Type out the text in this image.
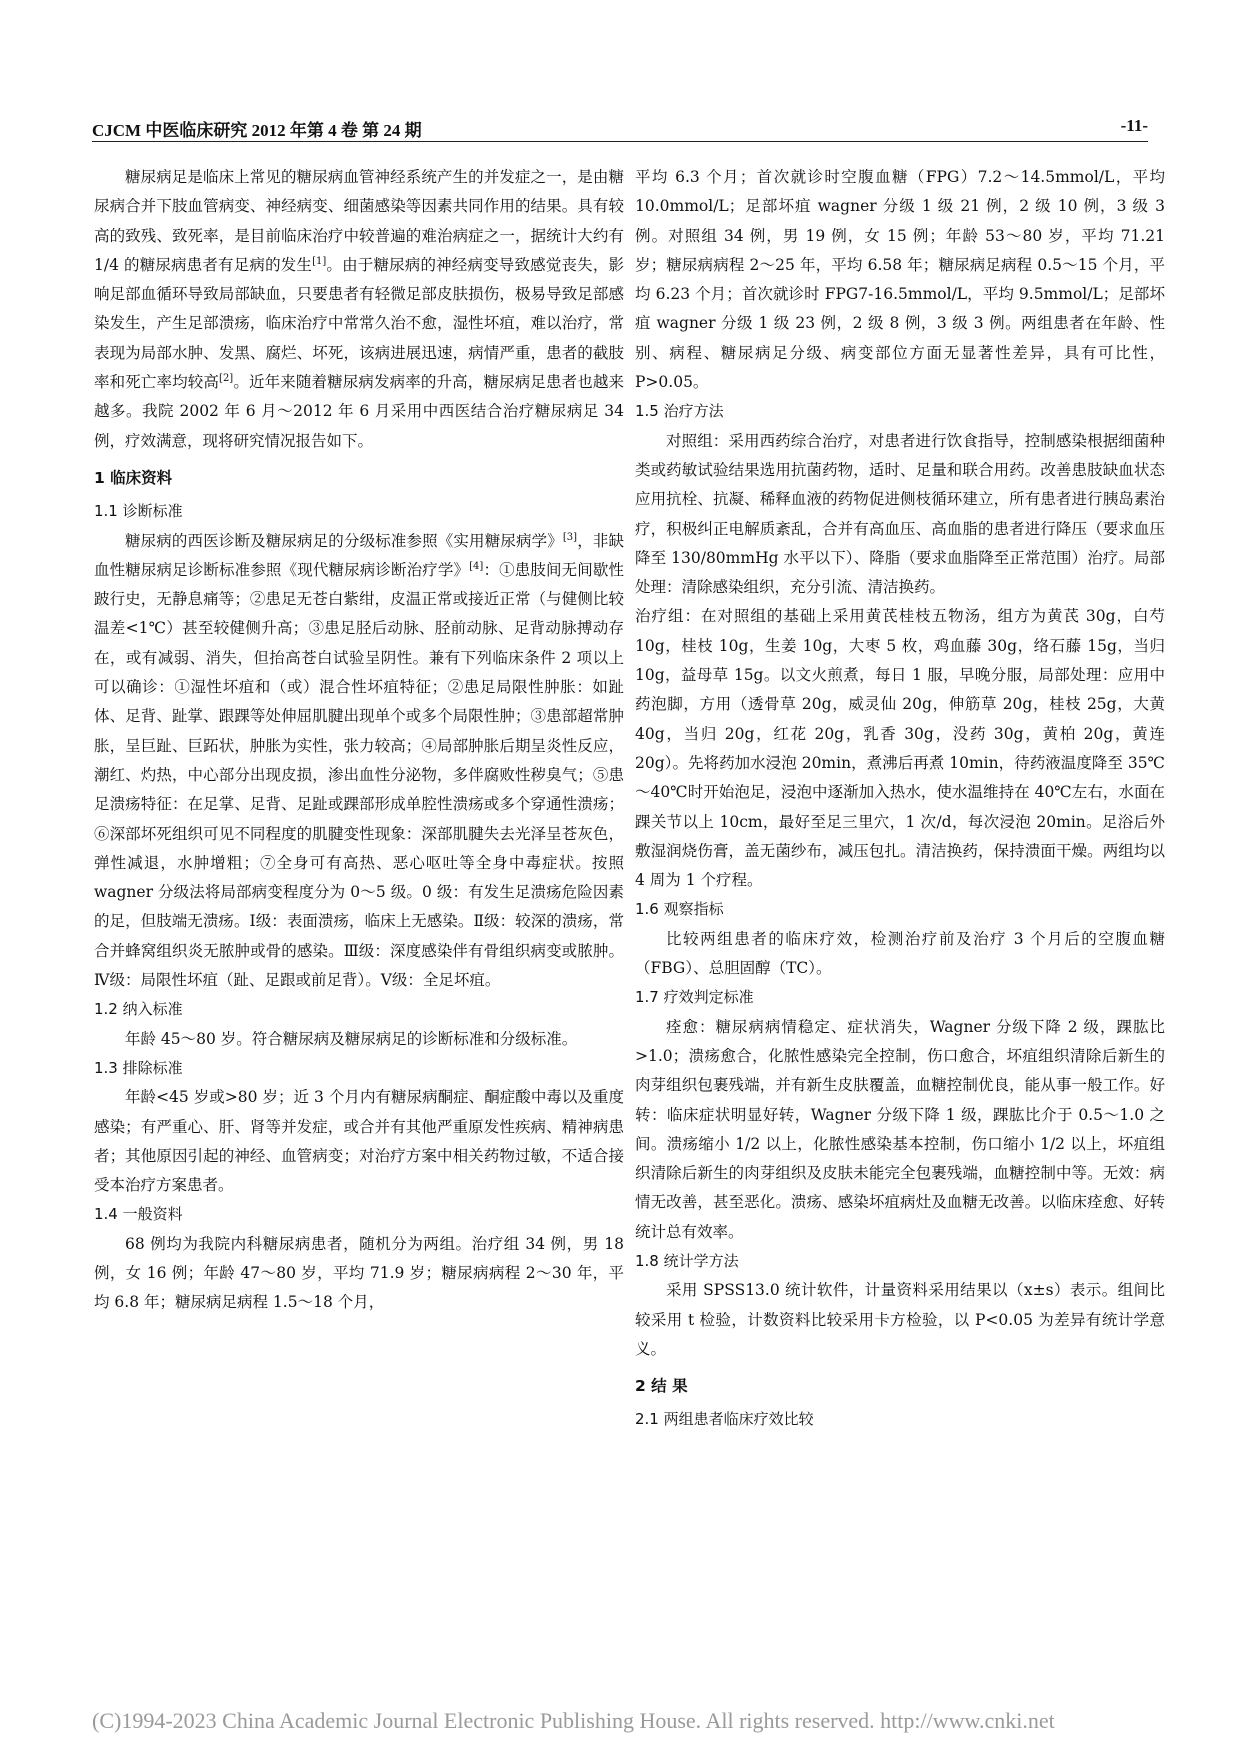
CJCM 中医临床研究 2012 年第 4 卷 第 24 期	-11-

糖尿病足是临床上常见的糖尿病血管神经系统产生的并发症之一，是由糖尿病合并下肢血管病变、神经病变、细菌感染等因素共同作用的结果。具有较高的致残、致死率，是目前临床治疗中较普遍的难治病症之一，据统计大约有 1/4 的糖尿病患者有足病的发生[1]。由于糖尿病的神经病变导致感觉丧失，影响足部血循环导致局部缺血，只要患者有轻微足部皮肤损伤，极易导致足部感染发生，产生足部溃疡，临床治疗中常常久治不愈，湿性坏疽，难以治疗，常表现为局部水肿、发黑、腐烂、坏死，该病进展迅速，病情严重，患者的截肢率和死亡率均较高[2]。近年来随着糖尿病发病率的升高，糖尿病足患者也越来越多。我院 2002 年 6 月～2012 年 6 月采用中西医结合治疗糖尿病足 34 例，疗效满意，现将研究情况报告如下。

1 临床资料

1.1 诊断标准

糖尿病的西医诊断及糖尿病足的分级标准参照《实用糖尿病学》[3]，非缺血性糖尿病足诊断标准参照《现代糖尿病诊断治疗学》[4]：①患肢间无间歇性跛行史，无静息痛等；②患足无苍白紫绀，皮温正常或接近正常（与健侧比较温差<1℃）甚至较健侧升高；③患足胫后动脉、胫前动脉、足背动脉搏动存在，或有减弱、消失，但抬高苍白试验呈阴性。兼有下列临床条件 2 项以上可以确诊：①湿性坏疽和（或）混合性坏疽特征；②患足局限性肿胀：如趾体、足背、趾掌、跟踝等处伸屈肌腱出现单个或多个局限性肿；③患部超常肿胀，呈巨趾、巨跖状，肿胀为实性，张力较高；④局部肿胀后期呈炎性反应，潮红、灼热，中心部分出现皮损，渗出血性分泌物，多伴腐败性秽臭气；⑤患足溃疡特征：在足掌、足背、足趾或踝部形成单腔性溃疡或多个穿通性溃疡；⑥深部坏死组织可见不同程度的肌腱变性现象：深部肌腱失去光泽呈苍灰色，弹性减退，水肿增粗；⑦全身可有高热、恶心呕吐等全身中毒症状。按照 wagner 分级法将局部病变程度分为 0～5 级。0 级：有发生足溃疡危险因素的足，但肢端无溃疡。Ⅰ级：表面溃疡，临床上无感染。Ⅱ级：较深的溃疡，常合并蜂窝组织炎无脓肿或骨的感染。Ⅲ级：深度感染伴有骨组织病变或脓肿。Ⅳ级：局限性坏疽（趾、足跟或前足背）。Ⅴ级：全足坏疽。

1.2 纳入标准

年龄 45～80 岁。符合糖尿病及糖尿病足的诊断标准和分级标准。

1.3 排除标准

年龄<45 岁或>80 岁；近 3 个月内有糖尿病酮症、酮症酸中毒以及重度感染；有严重心、肝、肾等并发症，或合并有其他严重原发性疾病、精神病患者；其他原因引起的神经、血管病变；对治疗方案中相关药物过敏，不适合接受本治疗方案患者。

1.4 一般资料

68 例均为我院内科糖尿病患者，随机分为两组。治疗组 34 例，男 18 例，女 16 例；年龄 47～80 岁，平均 71.9 岁；糖尿病病程 2～30 年，平均 6.8 年；糖尿病足病程 1.5～18 个月，

平均 6.3 个月；首次就诊时空腹血糖（FPG）7.2～14.5mmol/L，平均 10.0mmol/L；足部坏疽 wagner 分级 1 级 21 例，2 级 10 例，3 级 3 例。对照组 34 例，男 19 例，女 15 例；年龄 53～80 岁，平均 71.21 岁；糖尿病病程 2～25 年，平均 6.58 年；糖尿病足病程 0.5～15 个月，平均 6.23 个月；首次就诊时 FPG7-16.5mmol/L，平均 9.5mmol/L；足部坏疽 wagner 分级 1 级 23 例，2 级 8 例，3 级 3 例。两组患者在年龄、性别、病程、糖尿病足分级、病变部位方面无显著性差异，具有可比性，P>0.05。

1.5 治疗方法

对照组：采用西药综合治疗，对患者进行饮食指导，控制感染根据细菌种类或药敏试验结果选用抗菌药物，适时、足量和联合用药。改善患肢缺血状态应用抗栓、抗凝、稀释血液的药物促进侧枝循环建立，所有患者进行胰岛素治疗，积极纠正电解质紊乱，合并有高血压、高血脂的患者进行降压（要求血压降至 130/80mmHg 水平以下）、降脂（要求血脂降至正常范围）治疗。局部处理：清除感染组织，充分引流、清洁换药。

治疗组：在对照组的基础上采用黄芪桂枝五物汤，组方为黄芪 30g，白芍 10g，桂枝 10g，生姜 10g，大枣 5 枚，鸡血藤 30g，络石藤 15g，当归 10g，益母草 15g。以文火煎煮，每日 1 服，早晚分服，局部处理：应用中药泡脚，方用（透骨草 20g，威灵仙 20g，伸筋草 20g，桂枝 25g，大黄 40g，当归 20g，红花 20g，乳香 30g，没药 30g，黄柏 20g，黄连 20g）。先将药加水浸泡 20min，煮沸后再煮 10min，待药液温度降至 35℃～40℃时开始泡足，浸泡中逐渐加入热水，使水温维持在 40℃左右，水面在踝关节以上 10cm，最好至足三里穴，1 次/d，每次浸泡 20min。足浴后外敷湿润烧伤膏，盖无菌纱布，减压包扎。清洁换药，保持溃面干燥。两组均以 4 周为 1 个疗程。

1.6 观察指标

比较两组患者的临床疗效，检测治疗前及治疗 3 个月后的空腹血糖（FBG）、总胆固醇（TC）。

1.7 疗效判定标准

痊愈：糖尿病病情稳定、症状消失，Wagner 分级下降 2 级，踝肱比>1.0；溃疡愈合，化脓性感染完全控制，伤口愈合，坏疽组织清除后新生的肉芽组织包裹残端，并有新生皮肤覆盖，血糖控制优良，能从事一般工作。好转：临床症状明显好转，Wagner 分级下降 1 级，踝肱比介于 0.5～1.0 之间。溃疡缩小 1/2 以上，化脓性感染基本控制，伤口缩小 1/2 以上，坏疽组织清除后新生的肉芽组织及皮肤未能完全包裹残端，血糖控制中等。无效：病情无改善，甚至恶化。溃疡、感染坏疽病灶及血糖无改善。以临床痊愈、好转统计总有效率。

1.8 统计学方法

采用 SPSS13.0 统计软件，计量资料采用结果以（x±s）表示。组间比较采用 t 检验，计数资料比较采用卡方检验，以 P<0.05 为差异有统计学意义。

2 结 果

2.1 两组患者临床疗效比较

(C)1994-2023 China Academic Journal Electronic Publishing House. All rights reserved. http://www.cnki.net
